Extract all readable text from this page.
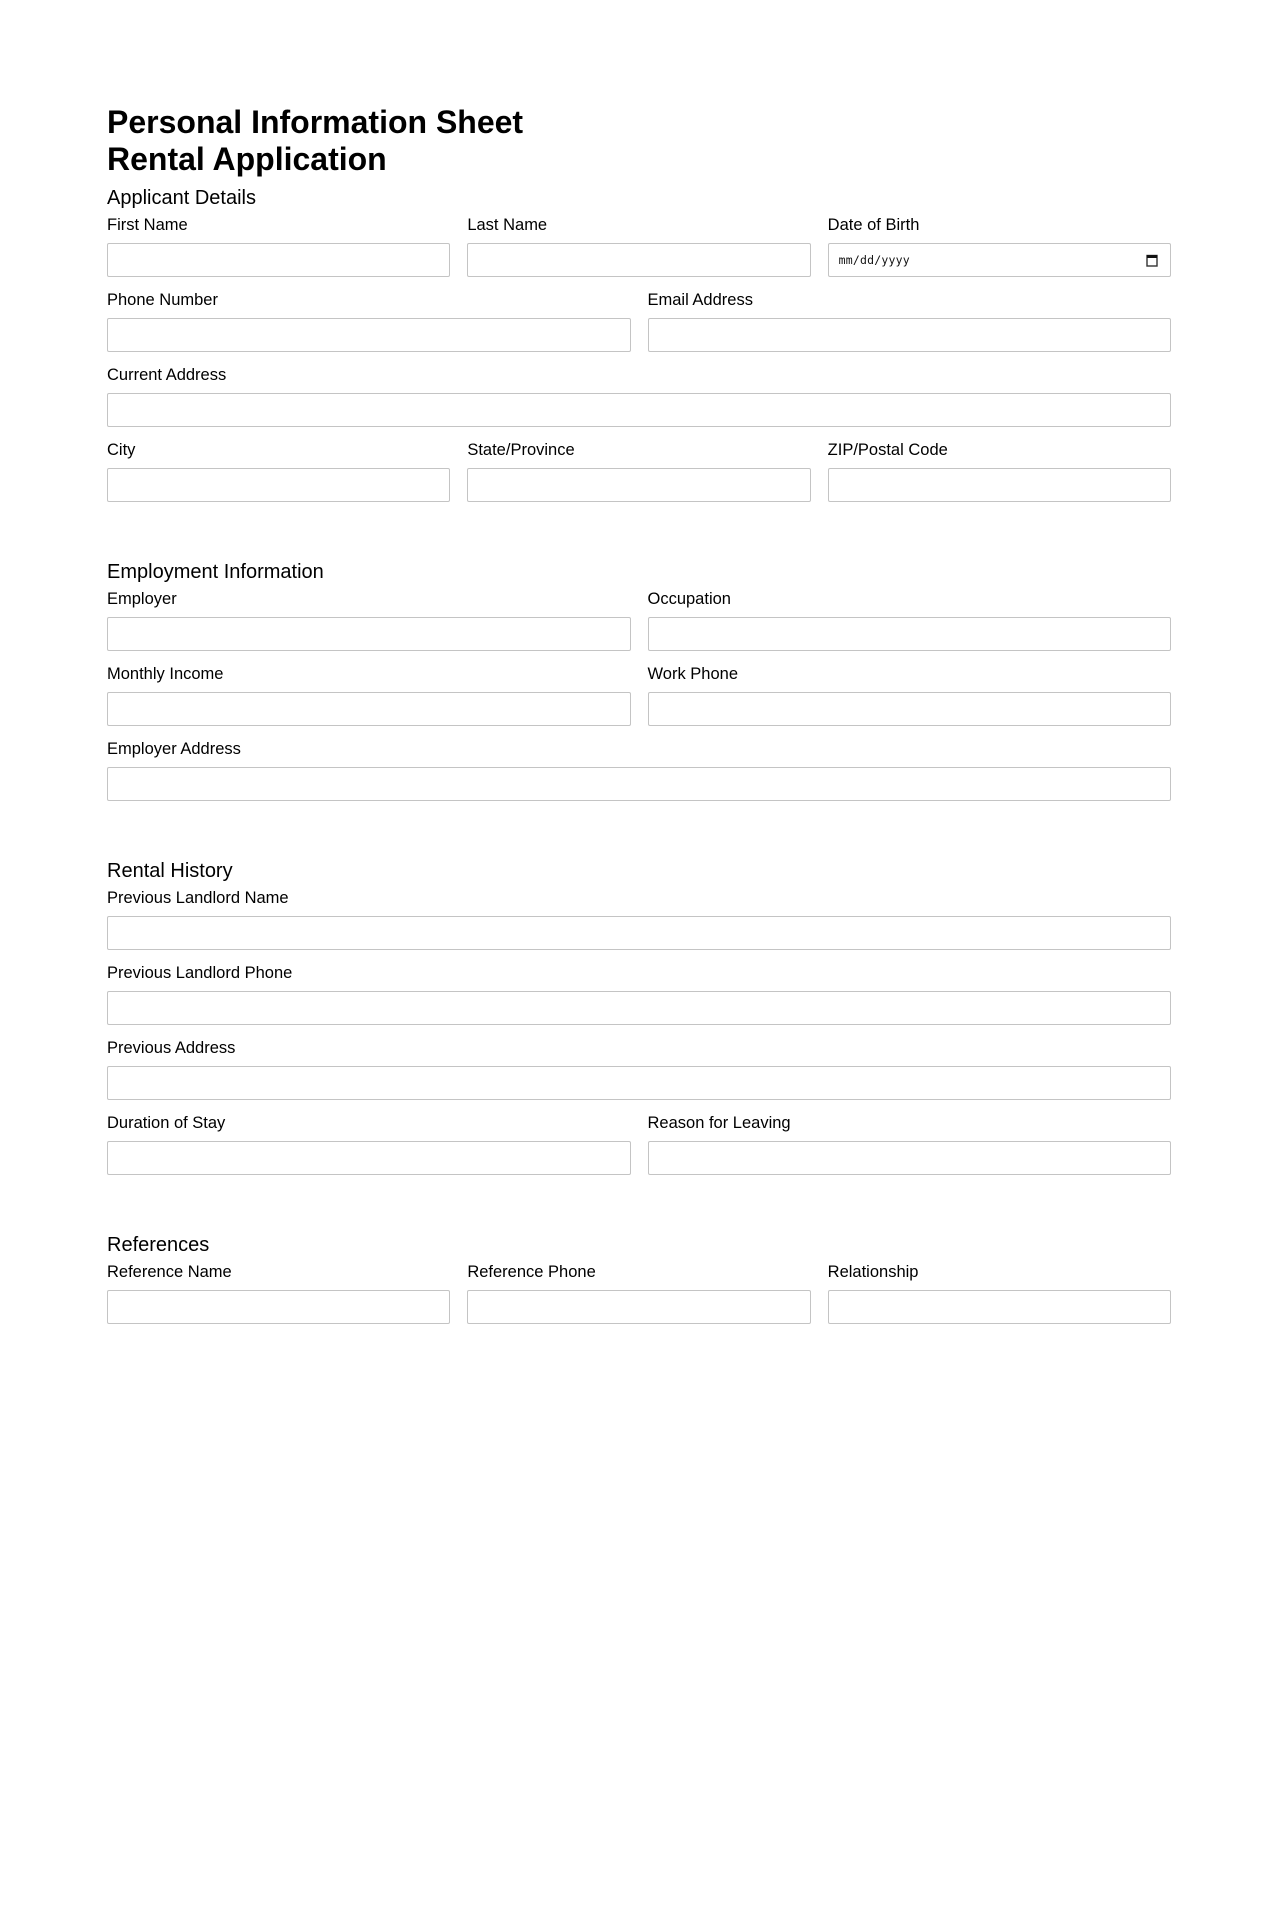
Personal Information Sheet
Rental Application
Applicant Details
First Name	Last Name	Date of Birth
mm/dd/yyyy
Phone Number	Email Address
Current Address
City	State/Province	ZIP/Postal Code
Employment Information
Employer	Occupation
Monthly Income	Work Phone
Employer Address
Rental History
Previous Landlord Name
Previous Landlord Phone
Previous Address
Duration of Stay	Reason for Leaving
References
Reference Name	Reference Phone	Relationship
